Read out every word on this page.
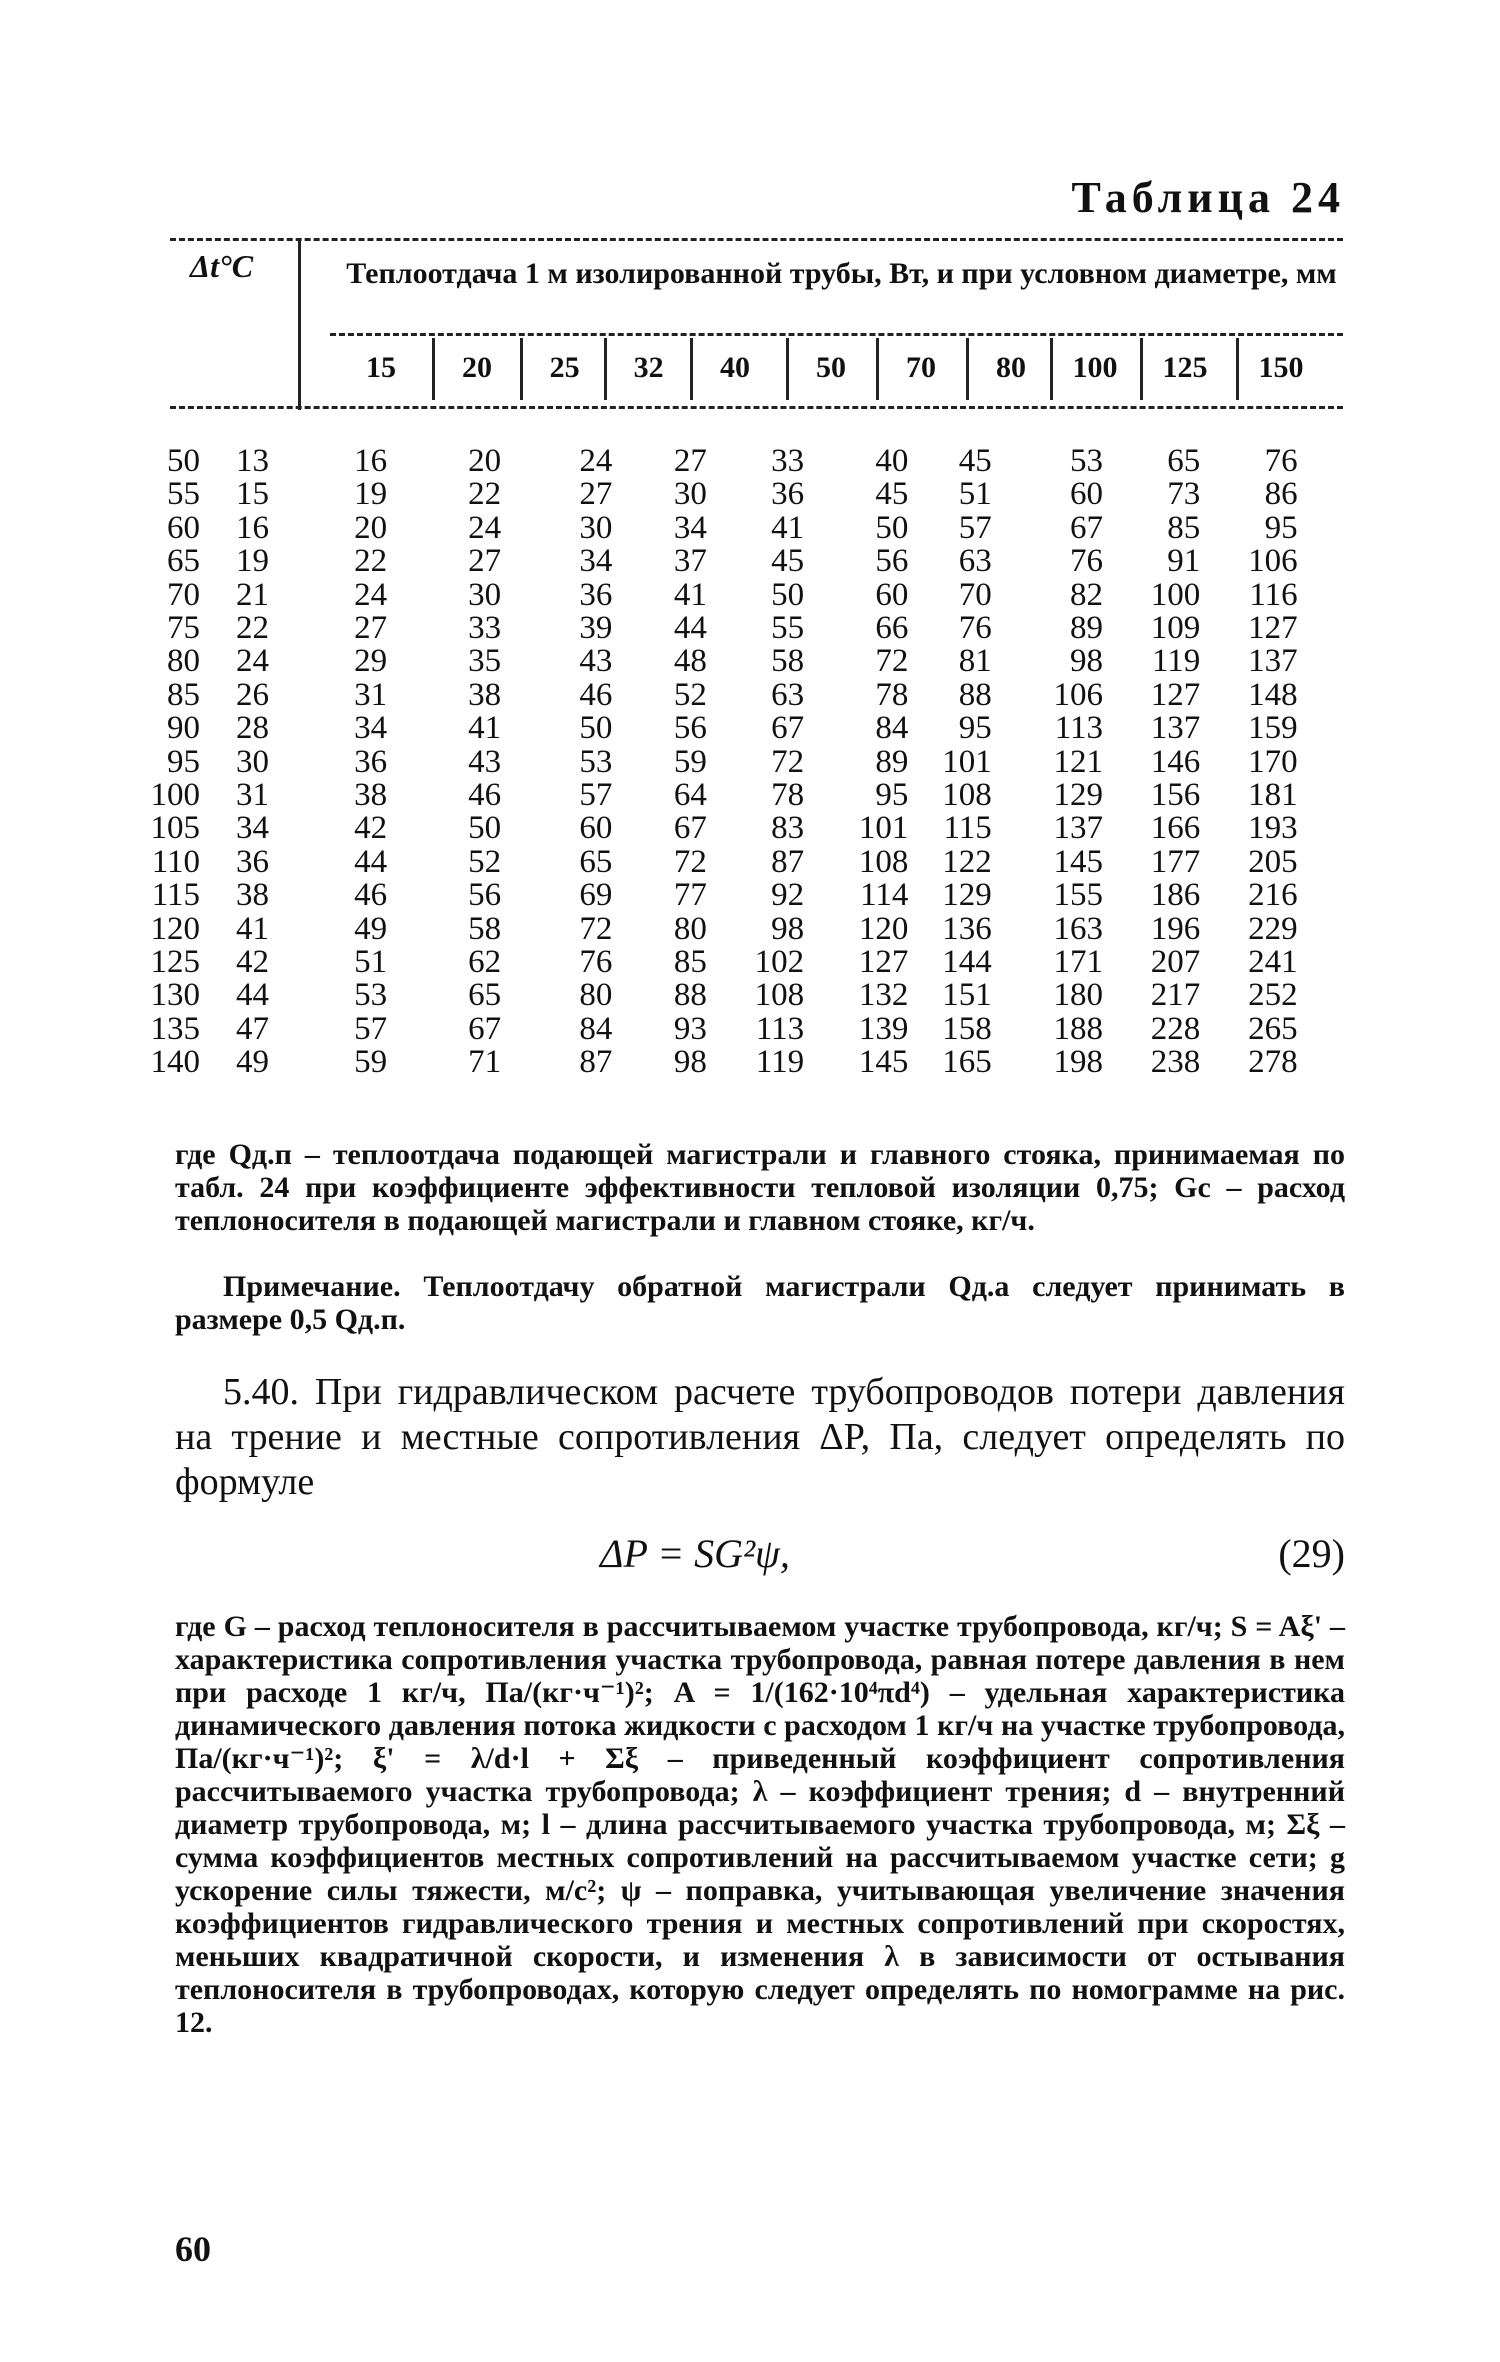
Таблица 24
Δt°C	Теплоотдача 1 м изолированной трубы, Вт, и при условном диаметре, мм
15	20	25	32	40	50	70	80	100	125	150
50	13	16	20	24	27	33	40	45	53	65	76
55	15	19	22	27	30	36	45	51	60	73	86
60	16	20	24	30	34	41	50	57	67	85	95
65	19	22	27	34	37	45	56	63	76	91	106
70	21	24	30	36	41	50	60	70	82	100	116
75	22	27	33	39	44	55	66	76	89	109	127
80	24	29	35	43	48	58	72	81	98	119	137
85	26	31	38	46	52	63	78	88	106	127	148
90	28	34	41	50	56	67	84	95	113	137	159
95	30	36	43	53	59	72	89	101	121	146	170
100	31	38	46	57	64	78	95	108	129	156	181
105	34	42	50	60	67	83	101	115	137	166	193
110	36	44	52	65	72	87	108	122	145	177	205
115	38	46	56	69	77	92	114	129	155	186	216
120	41	49	58	72	80	98	120	136	163	196	229
125	42	51	62	76	85	102	127	144	171	207	241
130	44	53	65	80	88	108	132	151	180	217	252
135	47	57	67	84	93	113	139	158	188	228	265
140	49	59	71	87	98	119	145	165	198	238	278
где Qд.п – теплоотдача подающей магистрали и главного стояка, принимаемая по табл. 24 при коэффициенте эффективности тепловой изоляции 0,75; Gc – расход теплоносителя в подающей магистрали и главном стояке, кг/ч.
Примечание. Теплоотдачу обратной магистрали Qд.а следует принимать в размере 0,5 Qд.п.
5.40. При гидравлическом расчете трубопроводов потери давления на трение и местные сопротивления ΔP, Па, следует определять по формуле
ΔP = SG²ψ,	(29)
где G – расход теплоносителя в рассчитываемом участке трубопровода, кг/ч; S = Aξ' – характеристика сопротивления участка трубопровода, равная потере давления в нем при расходе 1 кг/ч, Па/(кг·ч⁻¹)²; A = 1/(162·10⁴πd⁴) – удельная характеристика динамического давления потока жидкости с расходом 1 кг/ч на участке трубопровода, Па/(кг·ч⁻¹)²; ξ' = λ/d·l + Σξ – приведенный коэффициент сопротивления рассчитываемого участка трубопровода; λ – коэффициент трения; d – внутренний диаметр трубопровода, м; l – длина рассчитываемого участка трубопровода, м; Σξ – сумма коэффициентов местных сопротивлений на рассчитываемом участке сети; g ускорение силы тяжести, м/с²; ψ – поправка, учитывающая увеличение значения коэффициентов гидравлического трения и местных сопротивлений при скоростях, меньших квадратичной скорости, и изменения λ в зависимости от остывания теплоносителя в трубопроводах, которую следует определять по номограмме на рис. 12.
60
